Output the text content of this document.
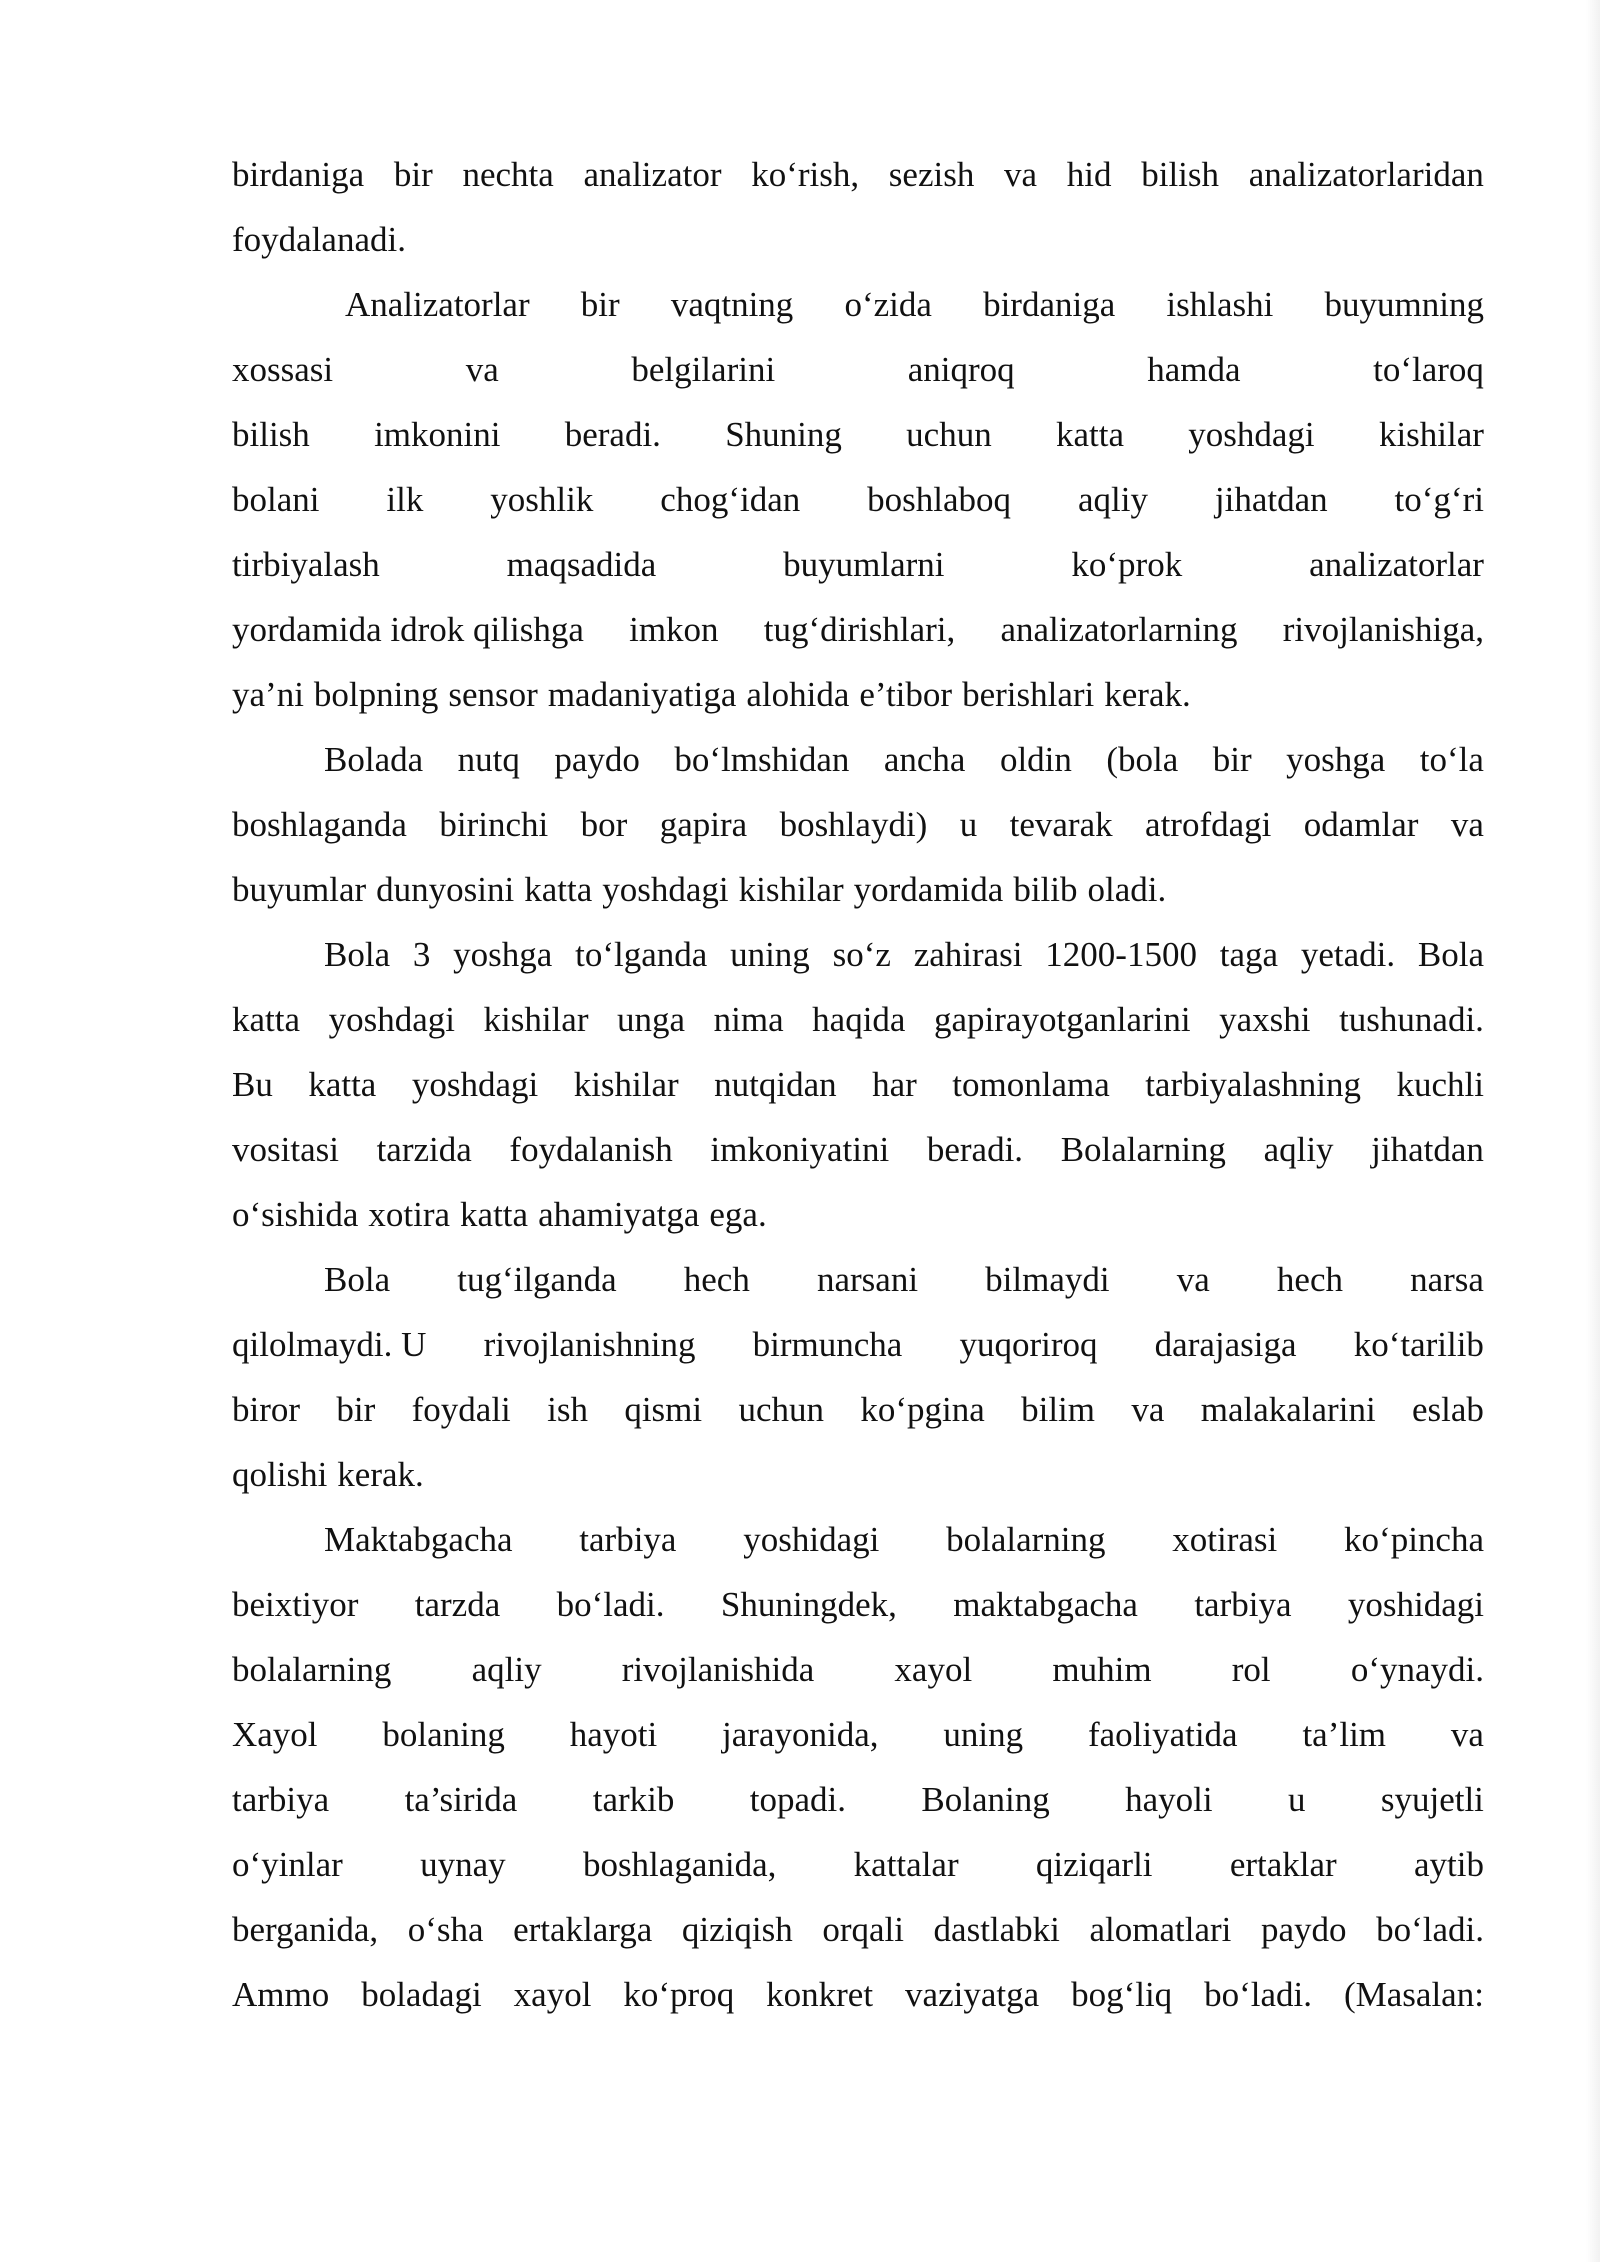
birdaniga bir nechta analizator ko‘rish, sezish va hid bilish analizatorlaridan
foydalanadi.
Analizatorlar bir vaqtning o‘zida birdaniga ishlashi buyumning
xossasi	va	belgilarini	aniqroq	hamda	to‘laroq
bilish imkonini beradi. Shuning uchun katta yoshdagi kishilar
bolani ilk yoshlik chog‘idan boshlaboq aqliy jihatdan to‘g‘ri
tirbiyalash	maqsadida	buyumlarni	ko‘prok	analizatorlar
yordamida idrok qilishga imkon tug‘dirishlari, analizatorlarning rivojlanishiga,
ya’ni bolpning sensor madaniyatiga alohida e’tibor berishlari kerak.
Bolada nutq paydo bo‘lmshidan ancha oldin (bola bir yoshga to‘la
boshlaganda birinchi bor gapira boshlaydi) u tevarak atrofdagi odamlar va
buyumlar dunyosini katta yoshdagi kishilar yordamida bilib oladi.
Bola 3 yoshga to‘lganda uning so‘z zahirasi 1200-1500 taga yetadi. Bola
katta yoshdagi kishilar unga nima haqida gapirayotganlarini yaxshi tushunadi.
Bu katta yoshdagi kishilar nutqidan har tomonlama tarbiyalashning kuchli
vositasi tarzida foydalanish imkoniyatini beradi. Bolalarning aqliy jihatdan
o‘sishida xotira katta ahamiyatga ega.
Bola tug‘ilganda hech narsani bilmaydi va hech narsa
qilolmaydi. U rivojlanishning birmuncha yuqoriroq darajasiga ko‘tarilib
biror bir foydali ish qismi uchun ko‘pgina bilim va malakalarini eslab
qolishi kerak.
Maktabgacha tarbiya yoshidagi bolalarning xotirasi ko‘pincha
beixtiyor tarzda bo‘ladi. Shuningdek, maktabgacha tarbiya yoshidagi
bolalarning aqliy rivojlanishida xayol muhim rol o‘ynaydi.
Xayol bolaning hayoti jarayonida, uning faoliyatida ta’lim va
tarbiya ta’sirida tarkib topadi. Bolaning hayoli u syujetli
o‘yinlar uynay boshlaganida, kattalar qiziqarli ertaklar aytib
berganida, o‘sha ertaklarga qiziqish orqali dastlabki alomatlari paydo bo‘ladi.
Ammo boladagi xayol ko‘proq konkret vaziyatga bog‘liq bo‘ladi. (Masalan:
